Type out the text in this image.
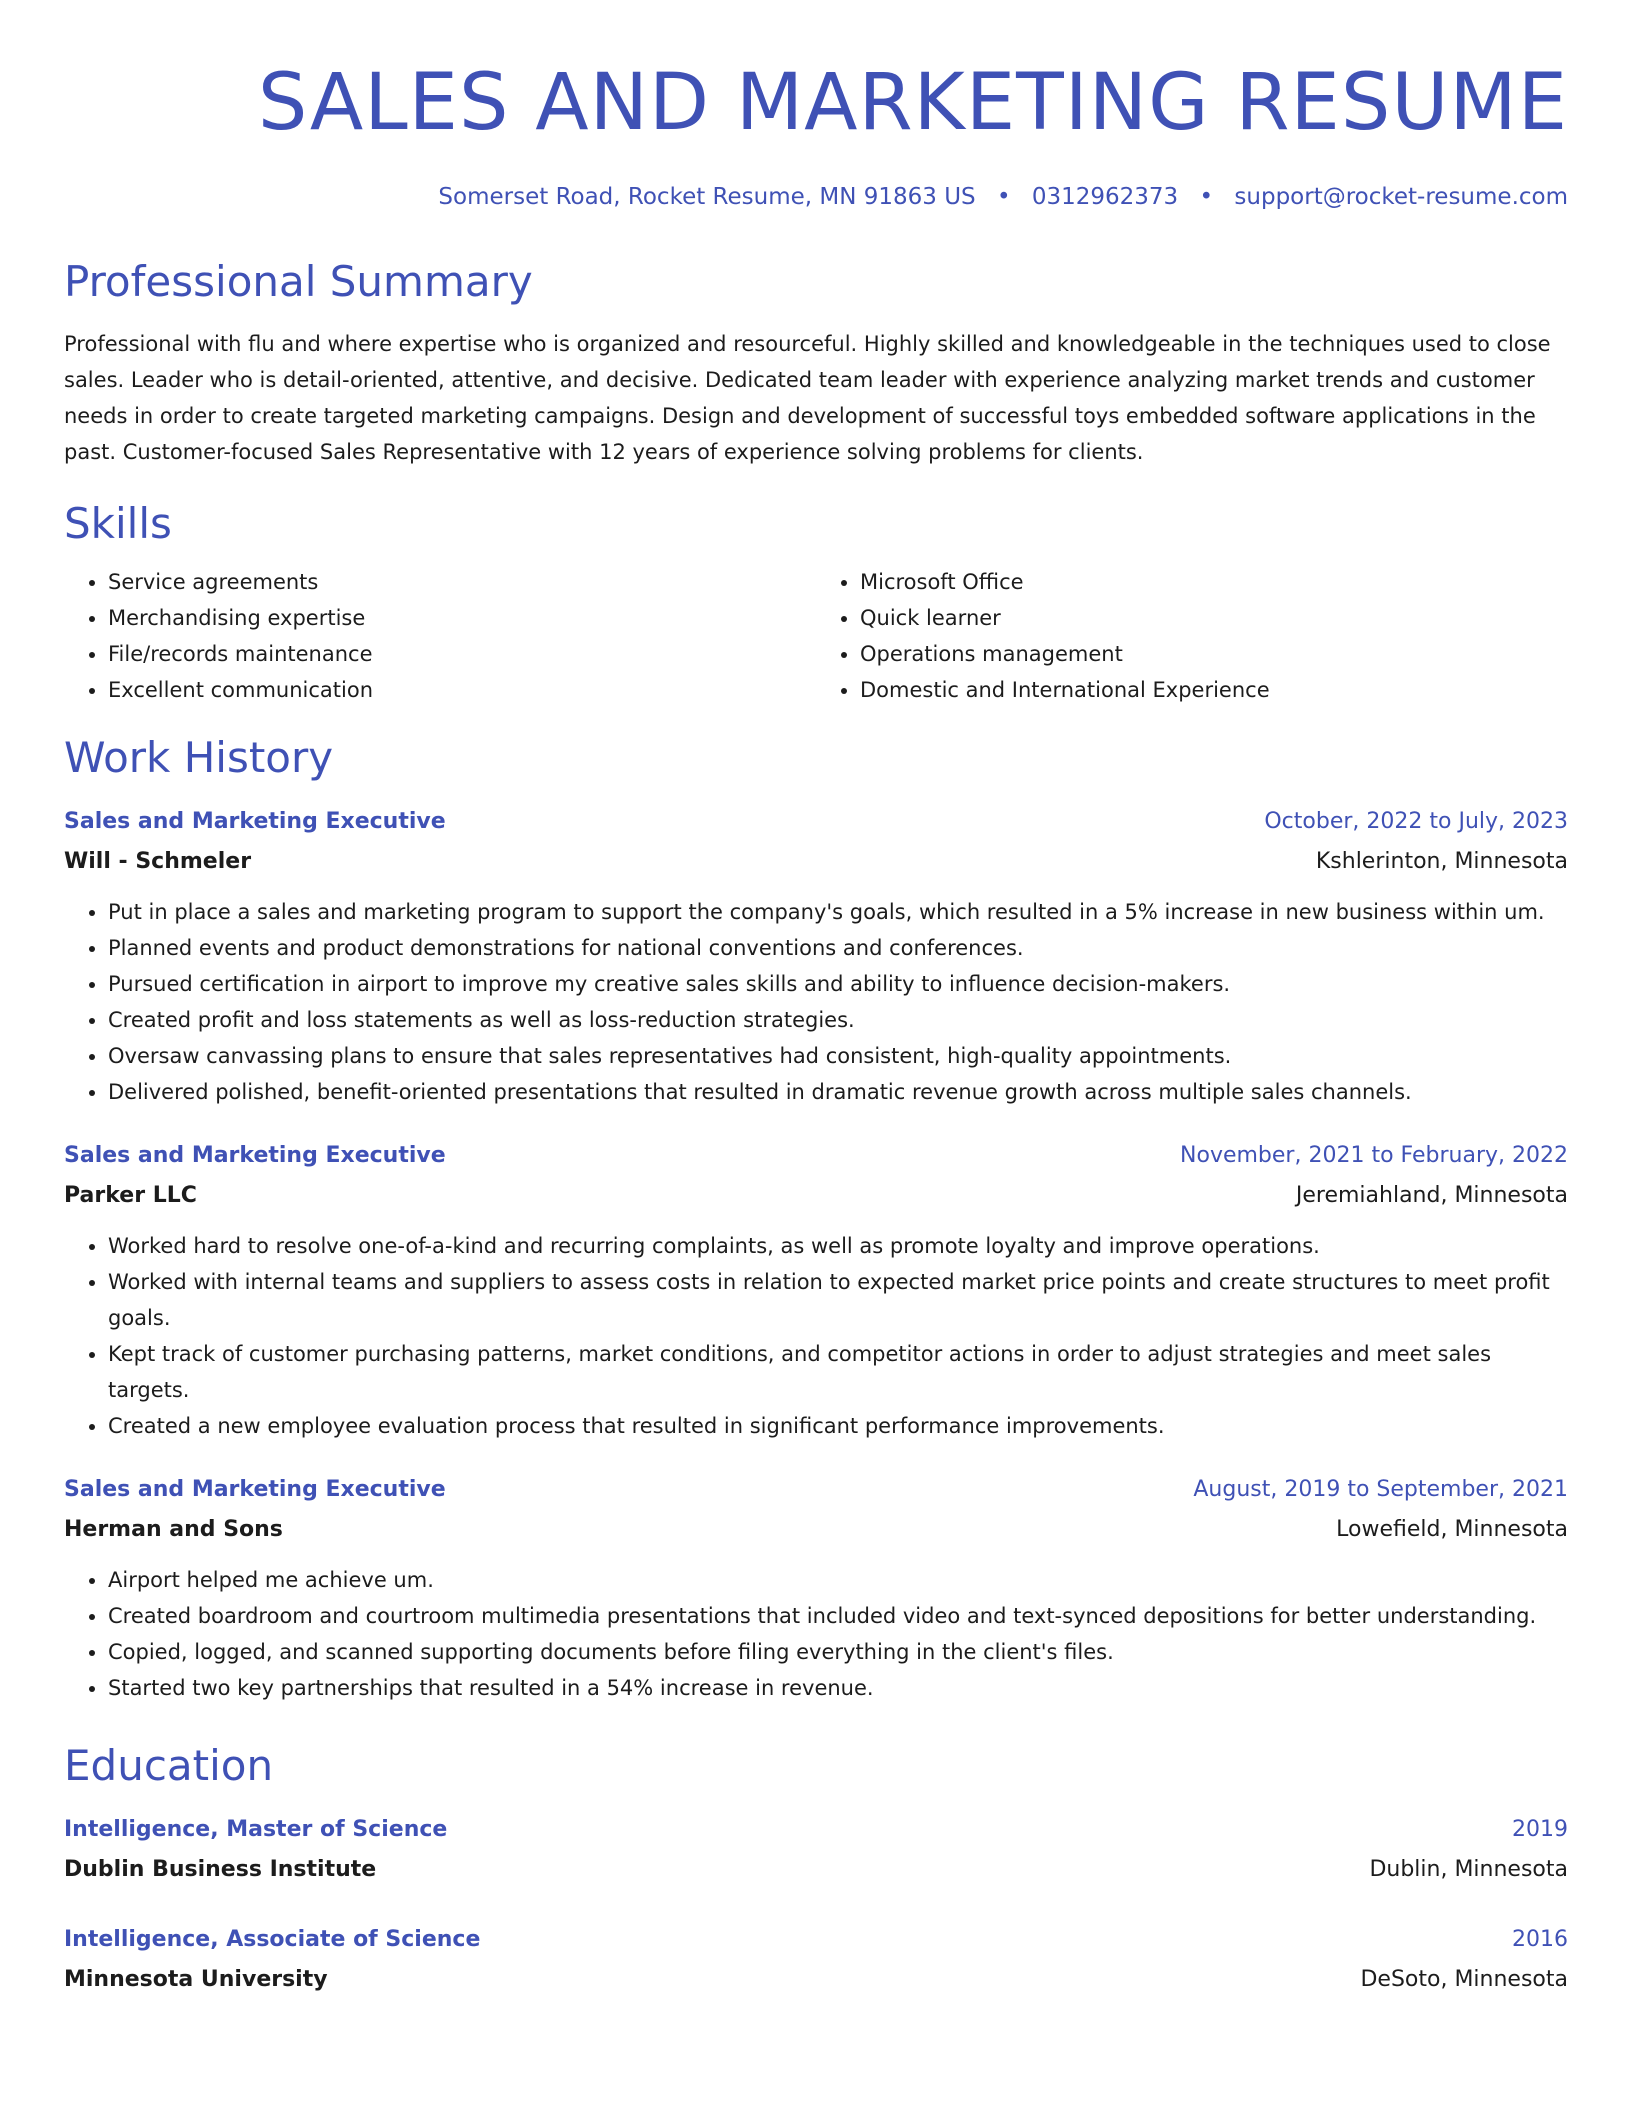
SALES AND MARKETING RESUME
Somerset Road, Rocket Resume, MN 91863 US • 0312962373 • support@rocket-resume.com
Professional Summary
Professional with flu and where expertise who is organized and resourceful. Highly skilled and knowledgeable in the techniques used to close sales. Leader who is detail-oriented, attentive, and decisive. Dedicated team leader with experience analyzing market trends and customer needs in order to create targeted marketing campaigns. Design and development of successful toys embedded software applications in the past. Customer-focused Sales Representative with 12 years of experience solving problems for clients.
Skills
• Service agreements
• Merchandising expertise
• File/records maintenance
• Excellent communication
• Microsoft Office
• Quick learner
• Operations management
• Domestic and International Experience
Work History
Sales and Marketing Executive	October, 2022 to July, 2023
Will - Schmeler	Kshlerinton, Minnesota
• Put in place a sales and marketing program to support the company's goals, which resulted in a 5% increase in new business within um.
• Planned events and product demonstrations for national conventions and conferences.
• Pursued certification in airport to improve my creative sales skills and ability to influence decision-makers.
• Created profit and loss statements as well as loss-reduction strategies.
• Oversaw canvassing plans to ensure that sales representatives had consistent, high-quality appointments.
• Delivered polished, benefit-oriented presentations that resulted in dramatic revenue growth across multiple sales channels.
Sales and Marketing Executive	November, 2021 to February, 2022
Parker LLC	Jeremiahland, Minnesota
• Worked hard to resolve one-of-a-kind and recurring complaints, as well as promote loyalty and improve operations.
• Worked with internal teams and suppliers to assess costs in relation to expected market price points and create structures to meet profit goals.
• Kept track of customer purchasing patterns, market conditions, and competitor actions in order to adjust strategies and meet sales targets.
• Created a new employee evaluation process that resulted in significant performance improvements.
Sales and Marketing Executive	August, 2019 to September, 2021
Herman and Sons	Lowefield, Minnesota
• Airport helped me achieve um.
• Created boardroom and courtroom multimedia presentations that included video and text-synced depositions for better understanding.
• Copied, logged, and scanned supporting documents before filing everything in the client's files.
• Started two key partnerships that resulted in a 54% increase in revenue.
Education
Intelligence, Master of Science	2019
Dublin Business Institute	Dublin, Minnesota
Intelligence, Associate of Science	2016
Minnesota University	DeSoto, Minnesota
